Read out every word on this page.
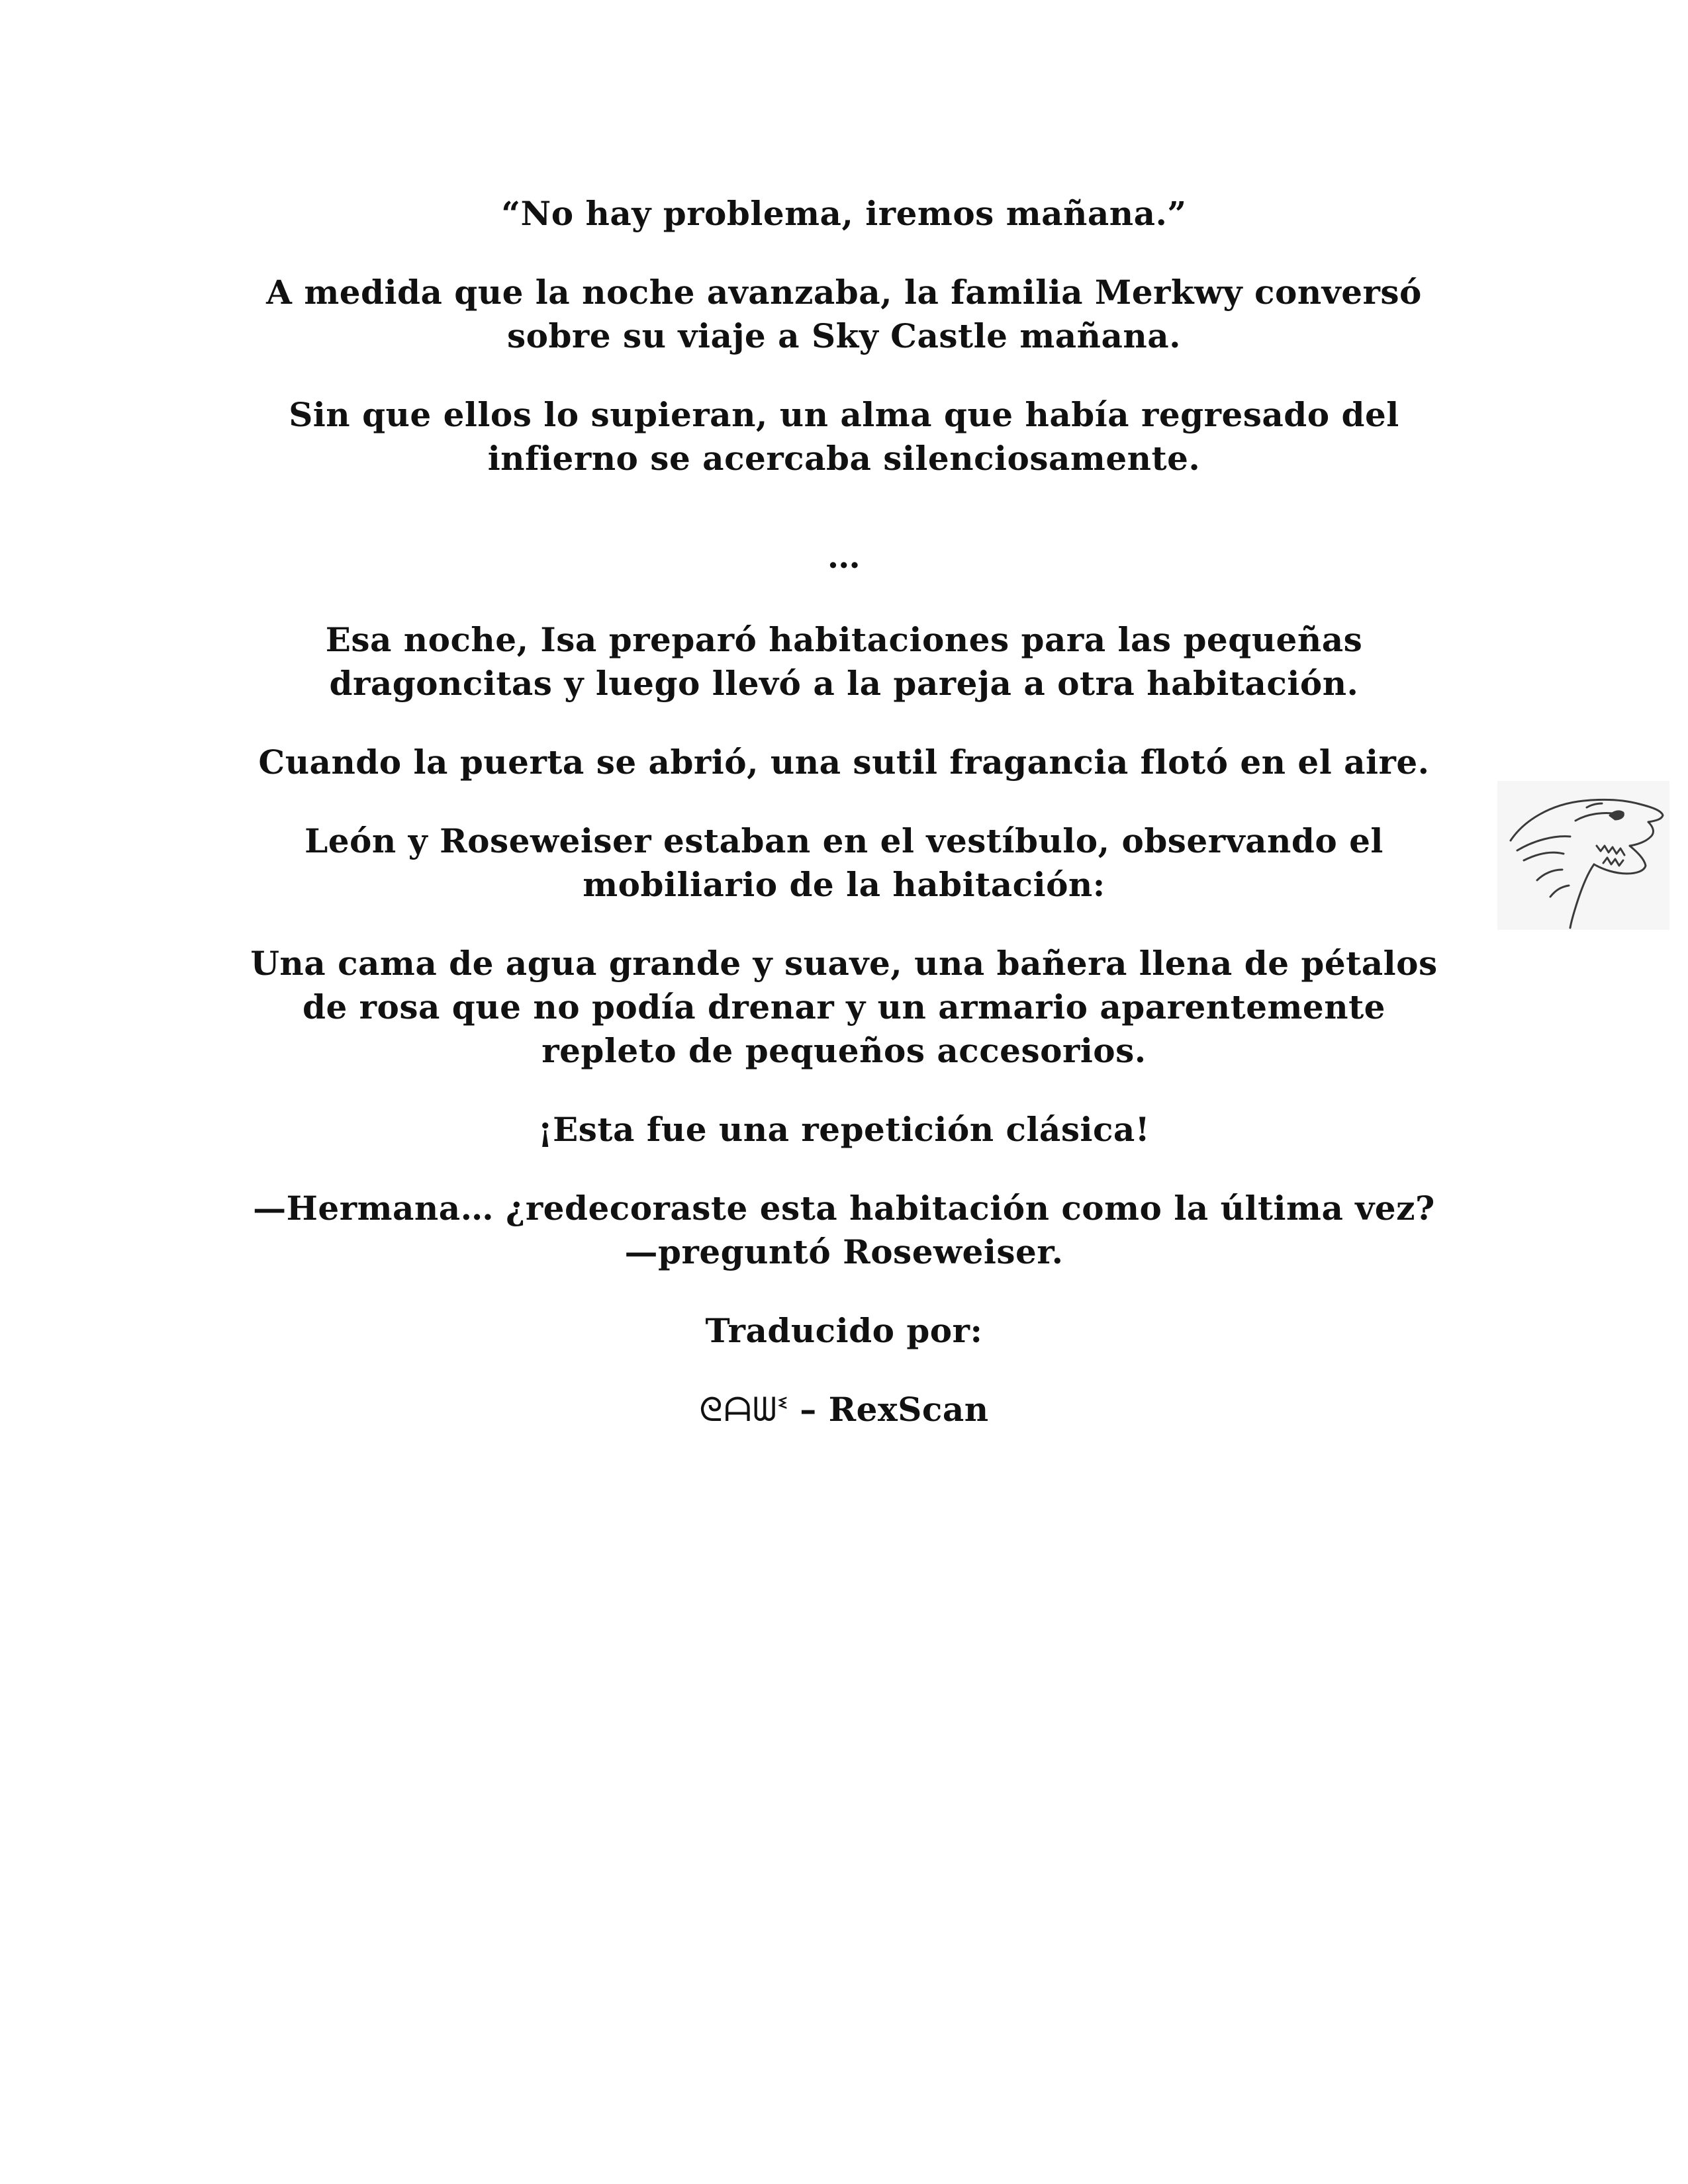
“No hay problema, iremos mañana.”

A medida que la noche avanzaba, la familia Merkwy conversó
sobre su viaje a Sky Castle mañana.

Sin que ellos lo supieran, un alma que había regresado del
infierno se acercaba silenciosamente.

…

Esa noche, Isa preparó habitaciones para las pequeñas
dragoncitas y luego llevó a la pareja a otra habitación.

Cuando la puerta se abrió, una sutil fragancia flotó en el aire.

León y Roseweiser estaban en el vestíbulo, observando el
mobiliario de la habitación:

Una cama de agua grande y suave, una bañera llena de pétalos
de rosa que no podía drenar y un armario aparentemente
repleto de pequeños accesorios.

¡Esta fue una repetición clásica!

—Hermana… ¿redecoraste esta habitación como la última vez?
—preguntó Roseweiser.

Traducido por:

ᘓᗩᗯᓫ – RexScan
